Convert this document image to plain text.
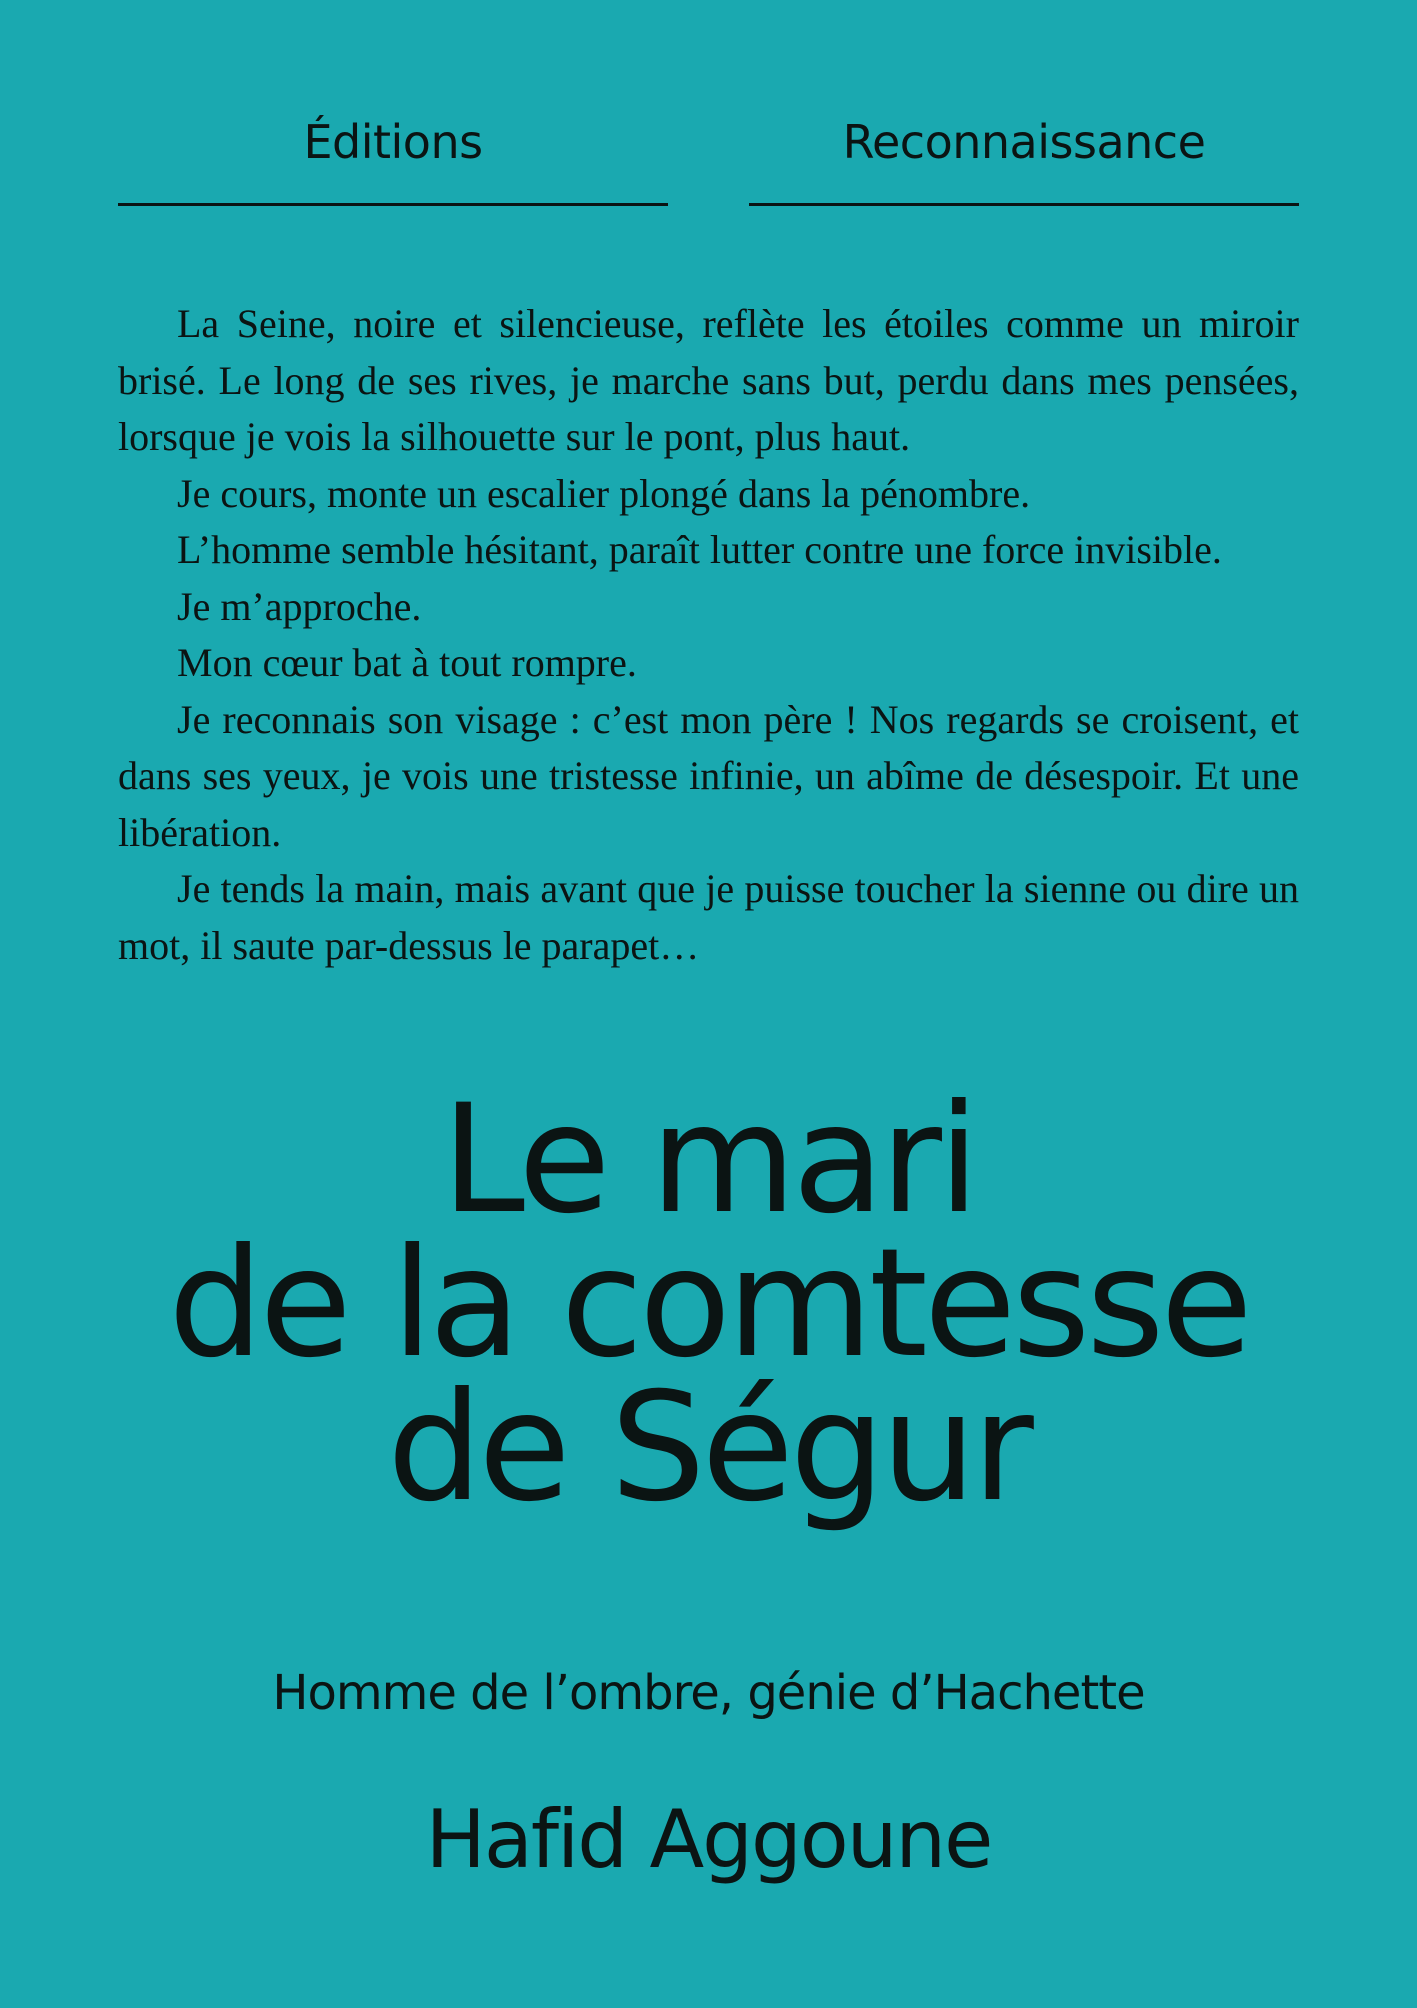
Éditions	Reconnaissance

La Seine, noire et silencieuse, reflète les étoiles comme un miroir brisé. Le long de ses rives, je marche sans but, perdu dans mes pensées, lorsque je vois la silhouette sur le pont, plus haut.

Je cours, monte un escalier plongé dans la pénombre.

L’homme semble hésitant, paraît lutter contre une force invisible.

Je m’approche.

Mon cœur bat à tout rompre.

Je reconnais son visage : c’est mon père ! Nos regards se croisent, et dans ses yeux, je vois une tristesse infinie, un abîme de désespoir. Et une libération.

Je tends la main, mais avant que je puisse toucher la sienne ou dire un mot, il saute par-dessus le parapet…

Le mari
de la comtesse
de Ségur
Homme de l’ombre, génie d’Hachette
Hafid Aggoune
